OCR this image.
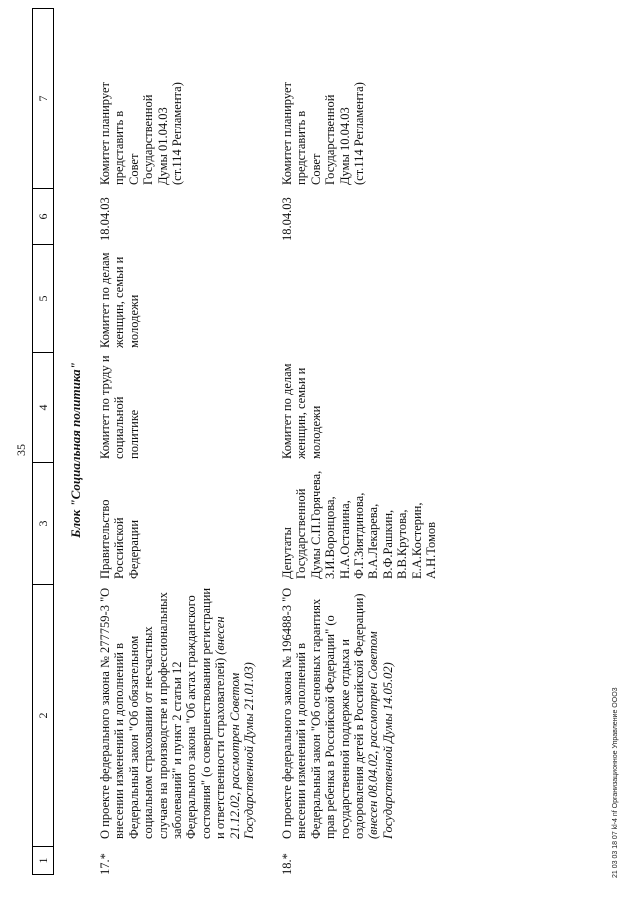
35
1
2
3
4
5
6
7
Блок "Социальная политика"
17.*
О проекте федерального закона № 277759-3 "О внесении изменений и дополнений в Федеральный закон "Об обязательном социальном страховании от несчастных случаев на производстве и профессиональных заболеваний" и пункт 2 статьи 12 Федерального закона "Об актах гражданского состояния" (о совершенствовании регистрации и ответственности страхователей) (внесен 21.12.02, рассмотрен Советом Государственной Думы 21.01.03)
Правительство Российской Федерации
Комитет по труду и социальной политике
Комитет по делам женщин, семьи и молодежи
18.04.03
Комитет планирует представить в Совет Государственной Думы 01.04.03 (ст.114 Регламента)
18.*
О проекте федерального закона № 196488-3 "О внесении изменений и дополнений в Федеральный закон "Об основных гарантиях прав ребенка в Российской Федерации" (о государственной поддержке отдыха и оздоровления детей в Российской Федерации) (внесен 08.04.02, рассмотрен Советом Государственной Думы 14.05.02)
Депутаты Государственной Думы С.П.Горячева, З.И.Воронцова, Н.А.Останина, Ф.Г.Зиятдинова, В.А.Лекарева, В.Ф.Рашкин, В.В.Крутова, Е.А.Костерин, А.Н.Томов
Комитет по делам женщин, семьи и молодежи
18.04.03
Комитет планирует представить в Совет Государственной Думы 10.04.03 (ст.114 Регламента)
21 03 03 18 07 kl-4 nf Организационное Управление ООО3
